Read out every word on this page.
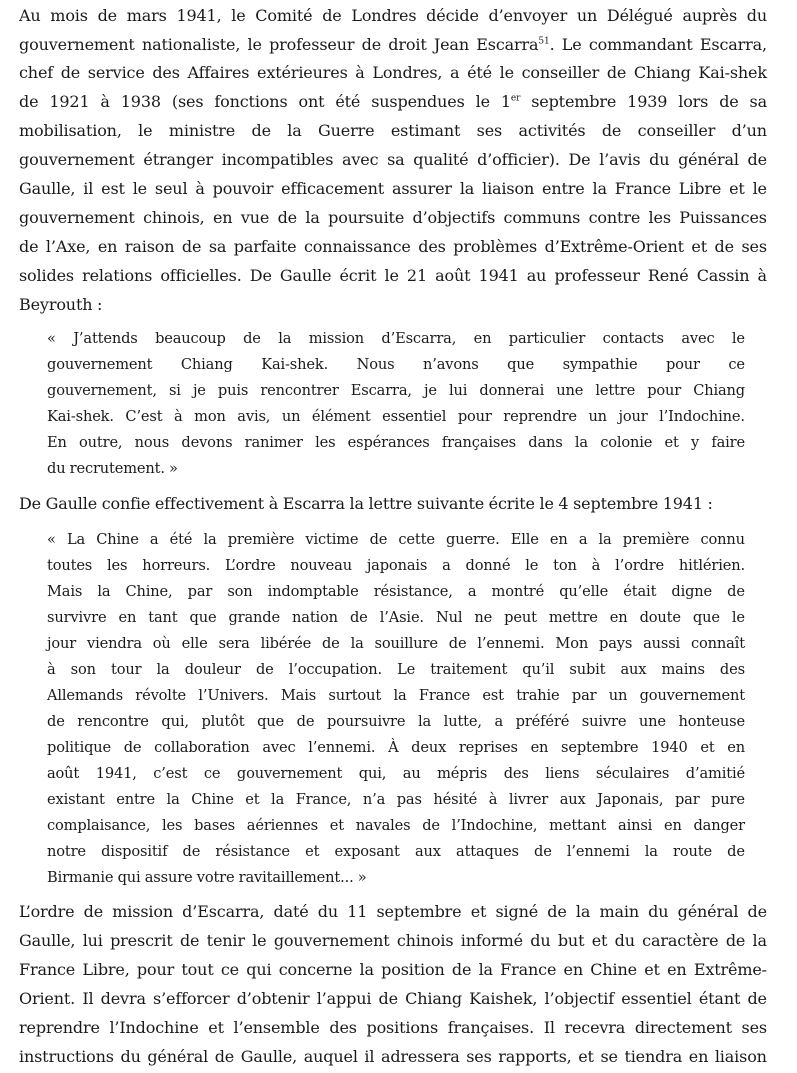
Au mois de mars 1941, le Comité de Londres décide d’envoyer un Délégué auprès du

gouvernement nationaliste, le professeur de droit Jean Escarra$^{51}$. Le commandant Escarra,

chef de service des Affaires extérieures à Londres, a été le conseiller de Chiang Kai-shek

de 1921 à 1938 (ses fonctions ont été suspendues le 1er septembre 1939 lors de sa

mobilisation, le ministre de la Guerre estimant ses activités de conseiller d’un

gouvernement étranger incompatibles avec sa qualité d’officier). De l’avis du général de

Gaulle, il est le seul à pouvoir efficacement assurer la liaison entre la France Libre et le

gouvernement chinois, en vue de la poursuite d’objectifs communs contre les Puissances

de l’Axe, en raison de sa parfaite connaissance des problèmes d’Extrême-Orient et de ses

solides relations officielles. De Gaulle écrit le 21 août 1941 au professeur René Cassin à

Beyrouth :

« J’attends beaucoup de la mission d’Escarra, en particulier contacts avec le

gouvernement Chiang Kai-shek. Nous n’avons que sympathie pour ce

gouvernement, si je puis rencontrer Escarra, je lui donnerai une lettre pour Chiang

Kai-shek. C’est à mon avis, un élément essentiel pour reprendre un jour l’Indochine.

En outre, nous devons ranimer les espérances françaises dans la colonie et y faire

du recrutement. »

De Gaulle confie effectivement à Escarra la lettre suivante écrite le 4 septembre 1941 :

« La Chine a été la première victime de cette guerre. Elle en a la première connu

toutes les horreurs. L’ordre nouveau japonais a donné le ton à l’ordre hitlérien.

Mais la Chine, par son indomptable résistance, a montré qu’elle était digne de

survivre en tant que grande nation de l’Asie. Nul ne peut mettre en doute que le

jour viendra où elle sera libérée de la souillure de l’ennemi. Mon pays aussi connaît

à son tour la douleur de l’occupation. Le traitement qu’il subit aux mains des

Allemands révolte l’Univers. Mais surtout la France est trahie par un gouvernement

de rencontre qui, plutôt que de poursuivre la lutte, a préféré suivre une honteuse

politique de collaboration avec l’ennemi. À deux reprises en septembre 1940 et en

août 1941, c’est ce gouvernement qui, au mépris des liens séculaires d’amitié

existant entre la Chine et la France, n’a pas hésité à livrer aux Japonais, par pure

complaisance, les bases aériennes et navales de l’Indochine, mettant ainsi en danger

notre dispositif de résistance et exposant aux attaques de l’ennemi la route de

Birmanie qui assure votre ravitaillement... »

L’ordre de mission d’Escarra, daté du 11 septembre et signé de la main du général de

Gaulle, lui prescrit de tenir le gouvernement chinois informé du but et du caractère de la

France Libre, pour tout ce qui concerne la position de la France en Chine et en Extrême-

Orient. Il devra s’efforcer d’obtenir l’appui de Chiang Kaishek, l’objectif essentiel étant de

reprendre l’Indochine et l’ensemble des positions françaises. Il recevra directement ses

instructions du général de Gaulle, auquel il adressera ses rapports, et se tiendra en liaison
